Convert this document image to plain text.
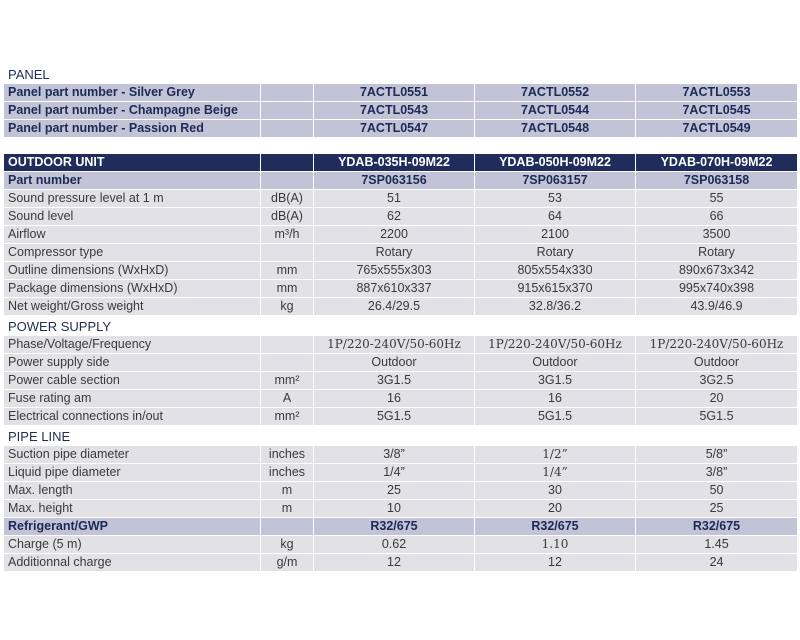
PANEL				
Panel part number - Silver Grey		7ACTL0551	7ACTL0552	7ACTL0553
Panel part number - Champagne Beige		7ACTL0543	7ACTL0544	7ACTL0545
Panel part number - Passion Red		7ACTL0547	7ACTL0548	7ACTL0549

OUTDOOR UNIT		YDAB-035H-09M22	YDAB-050H-09M22	YDAB-070H-09M22
Part number		7SP063156	7SP063157	7SP063158
Sound pressure level at 1 m	dB(A)	51	53	55
Sound level	dB(A)	62	64	66
Airflow	m³/h	2200	2100	3500
Compressor type		Rotary	Rotary	Rotary
Outline dimensions (WxHxD)	mm	765x555x303	805x554x330	890x673x342
Package dimensions (WxHxD)	mm	887x610x337	915x615x370	995x740x398
Net weight/Gross weight	kg	26.4/29.5	32.8/36.2	43.9/46.9
POWER SUPPLY				
Phase/Voltage/Frequency		1P/220-240V/50-60Hz	1P/220-240V/50-60Hz	1P/220-240V/50-60Hz
Power supply side		Outdoor	Outdoor	Outdoor
Power cable section	mm²	3G1.5	3G1.5	3G2.5
Fuse rating am	A	16	16	20
Electrical connections in/out	mm²	5G1.5	5G1.5	5G1.5
PIPE LINE				
Suction pipe diameter	inches	3/8”	1/2”	5/8”
Liquid pipe diameter	inches	1/4”	1/4”	3/8”
Max. length	m	25	30	50
Max. height	m	10	20	25
Refrigerant/GWP		R32/675	R32/675	R32/675
Charge (5 m)	kg	0.62	1.10	1.45
Additionnal charge	g/m	12	12	24
